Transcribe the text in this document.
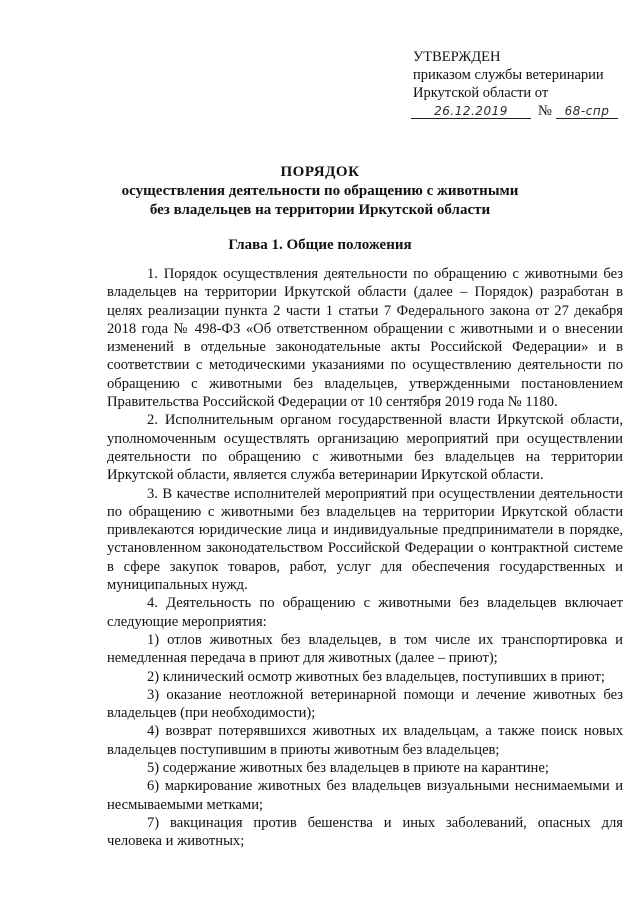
УТВЕРЖДЕН
приказом службы ветеринарии
Иркутской области от
26.12.2019	№	68-спр
ПОРЯДОК
осуществления деятельности по обращению с животными
без владельцев на территории Иркутской области
Глава 1. Общие положения

1. Порядок осуществления деятельности по обращению с животными без владельцев на территории Иркутской области (далее – Порядок) разработан в целях реализации пункта 2 части 1 статьи 7 Федерального закона от 27 декабря 2018 года № 498-ФЗ «Об ответственном обращении с животными и о внесении изменений в отдельные законодательные акты Российской Федерации» и в соответствии с методическими указаниями по осуществлению деятельности по обращению с животными без владельцев, утвержденными постановлением Правительства Российской Федерации от 10 сентября 2019 года № 1180.

2. Исполнительным органом государственной власти Иркутской области, уполномоченным осуществлять организацию мероприятий при осуществлении деятельности по обращению с животными без владельцев на территории Иркутской области, является служба ветеринарии Иркутской области.

3. В качестве исполнителей мероприятий при осуществлении деятельности по обращению с животными без владельцев на территории Иркутской области привлекаются юридические лица и индивидуальные предприниматели в порядке, установленном законодательством Российской Федерации о контрактной системе в сфере закупок товаров, работ, услуг для обеспечения государственных и муниципальных нужд.

4. Деятельность по обращению с животными без владельцев включает следующие мероприятия:

1) отлов животных без владельцев, в том числе их транспортировка и немедленная передача в приют для животных (далее – приют);

2) клинический осмотр животных без владельцев, поступивших в приют;

3) оказание неотложной ветеринарной помощи и лечение животных без владельцев (при необходимости);

4) возврат потерявшихся животных их владельцам, а также поиск новых владельцев поступившим в приюты животным без владельцев;

5) содержание животных без владельцев в приюте на карантине;

6) маркирование животных без владельцев визуальными неснимаемыми и несмываемыми метками;

7) вакцинация против бешенства и иных заболеваний, опасных для человека и животных;
